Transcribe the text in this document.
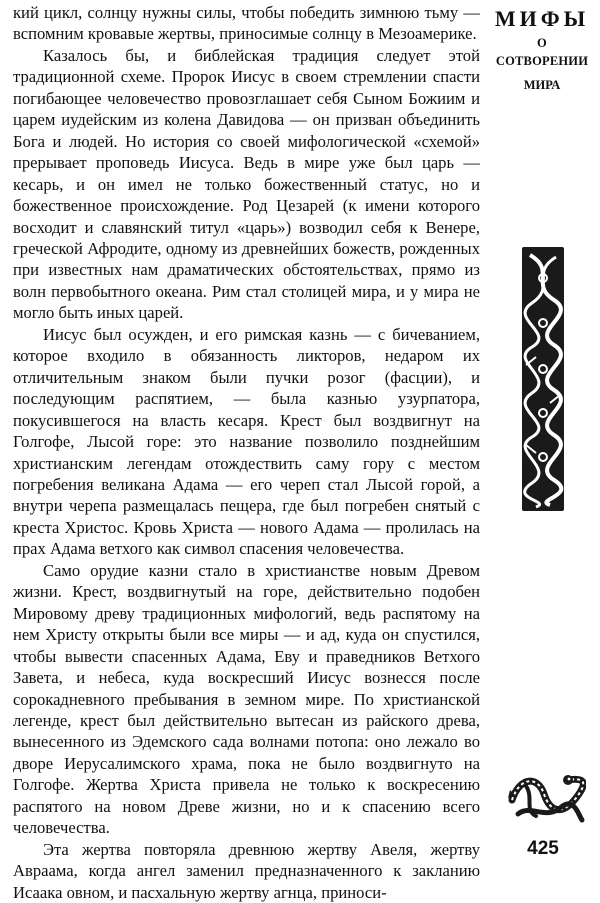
кий цикл, солнцу нужны силы, чтобы победить зимнюю тьму — вспомним кровавые жертвы, приносимые солнцу в Мезоамерике.

Казалось бы, и библейская традиция следует этой традиционной схеме. Пророк Иисус в своем стремлении спасти погибающее человечество провозглашает себя Сыном Божиим и царем иудейским из колена Давидова — он призван объединить Бога и людей. Но история со своей мифологической «схемой» прерывает проповедь Иисуса. Ведь в мире уже был царь — кесарь, и он имел не только божественный статус, но и божественное происхождение. Род Цезарей (к имени которого восходит и славянский титул «царь») возводил себя к Венере, греческой Афродите, одному из древнейших божеств, рожденных при известных нам драматических обстоятельствах, прямо из волн первобытного океана. Рим стал столицей мира, и у мира не могло быть иных царей.

Иисус был осужден, и его римская казнь — с бичеванием, которое входило в обязанность ликторов, недаром их отличительным знаком были пучки розог (фасции), и последующим распятием, — была казнью узурпатора, покусившегося на власть кесаря. Крест был воздвигнут на Голгофе, Лысой горе: это название позволило позднейшим христианским легендам отождествить саму гору с местом погребения великана Адама — его череп стал Лысой горой, а внутри черепа размещалась пещера, где был погребен снятый с креста Христос. Кровь Христа — нового Адама — пролилась на прах Адама ветхого как символ спасения человечества.

Само орудие казни стало в христианстве новым Древом жизни. Крест, воздвигнутый на горе, действительно подобен Мировому древу традиционных мифологий, ведь распятому на нем Христу открыты были все миры — и ад, куда он спустился, чтобы вывести спасенных Адама, Еву и праведников Ветхого Завета, и небеса, куда воскресший Иисус вознесся после сорокадневного пребывания в земном мире. По христианской легенде, крест был действительно вытесан из райского древа, вынесенного из Эдемского сада волнами потопа: оно лежало во дворе Иерусалимского храма, пока не было воздвигнуто на Голгофе. Жертва Христа привела не только к воскресению распятого на новом Древе жизни, но и к спасению всего человечества.

Эта жертва повторяла древнюю жертву Авеля, жертву Авраама, когда ангел заменил предназначенного к закланию Исаака овном, и пасхальную жертву агнца, приноси-

МИФЫ
О СОТВОРЕНИИ
МИРА
425
